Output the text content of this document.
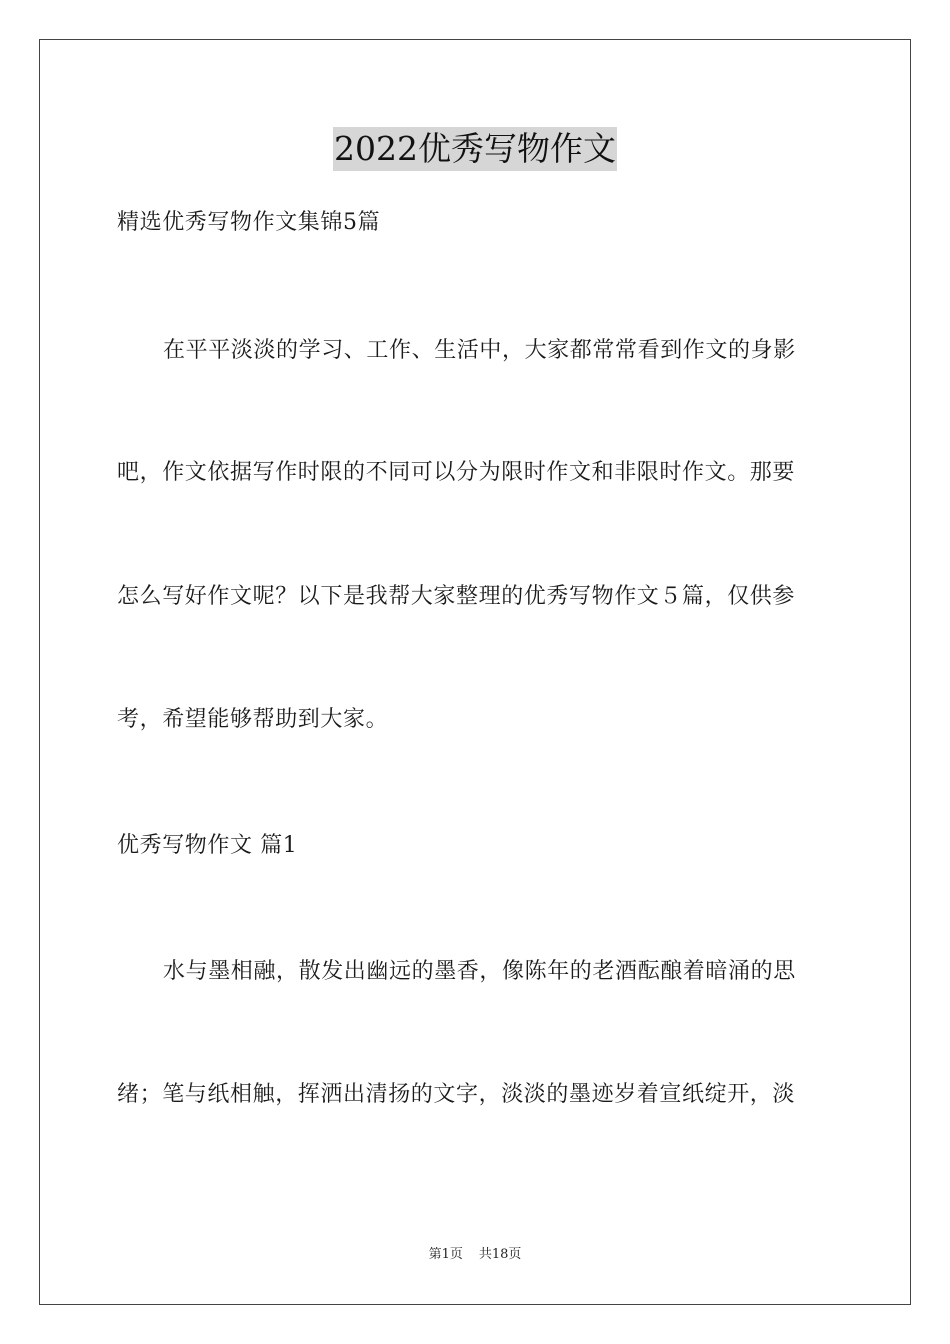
2022优秀写物作文
精选优秀写物作文集锦5篇
在平平淡淡的学习、工作、生活中，大家都常常看到作文的身影
吧，作文依据写作时限的不同可以分为限时作文和非限时作文。那要
怎么写好作文呢？以下是我帮大家整理的优秀写物作文５篇，仅供参
考，希望能够帮助到大家。
优秀写物作文 篇1
水与墨相融，散发出幽远的墨香，像陈年的老酒酝酿着暗涌的思
绪；笔与纸相触，挥洒出清扬的文字，淡淡的墨迹岁着宣纸绽开，淡
第1页 共18页
